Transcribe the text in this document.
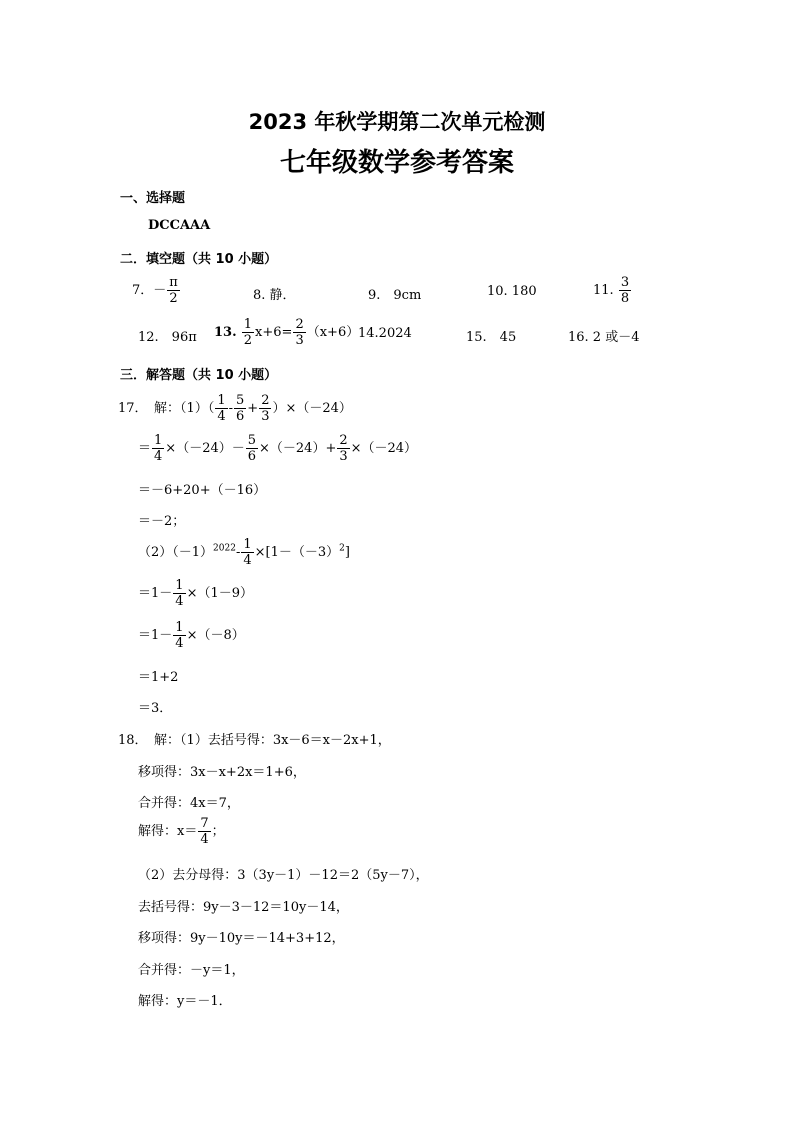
2023 年秋学期第二次单元检测
七年级数学参考答案
一、选择题
DCCAAA
二．填空题（共 10 小题）
7．－ $\frac{\pi}{2}$	8. 静．	9.　9cm	10. 180	11. $\frac{3}{8}$
12.　96π 13. $\frac{1}{2} x+6= \frac{2}{3} (x+6)$
14.2024	15.　45	16. 2 或－4
三．解答题（共 10 小题）
17．　解：$(1)( \frac{1}{4} - \frac{5}{6} + \frac{2}{3} )\times(-24)$
＝ $\frac{1}{4} \times(-24)- \frac{5}{6} \times(-24)+ \frac{2}{3} \times(-24)$
＝－6+20+（－16）
＝－2；
$(2)(-1)^{2022}- \frac{1}{4} \times[1-(-3)^2]$
$=1- \frac{1}{4} \times(1-9)$
$=1- \frac{1}{4} \times(-8)$
＝1+2
＝3．
18．　解：（1）去括号得：3x－6＝x－2x+1，
移项得：3x－x+2x＝1+6，
合并得：4x＝7，
解得：$x= \frac{7}{4}$ ；
（2）去分母得：3（3y－1）－12＝2（5y－7），
去括号得：9y－3－12＝10y－14，
移项得：9y－10y＝－14+3+12，
合并得：－y＝1，
解得：y＝－1．
